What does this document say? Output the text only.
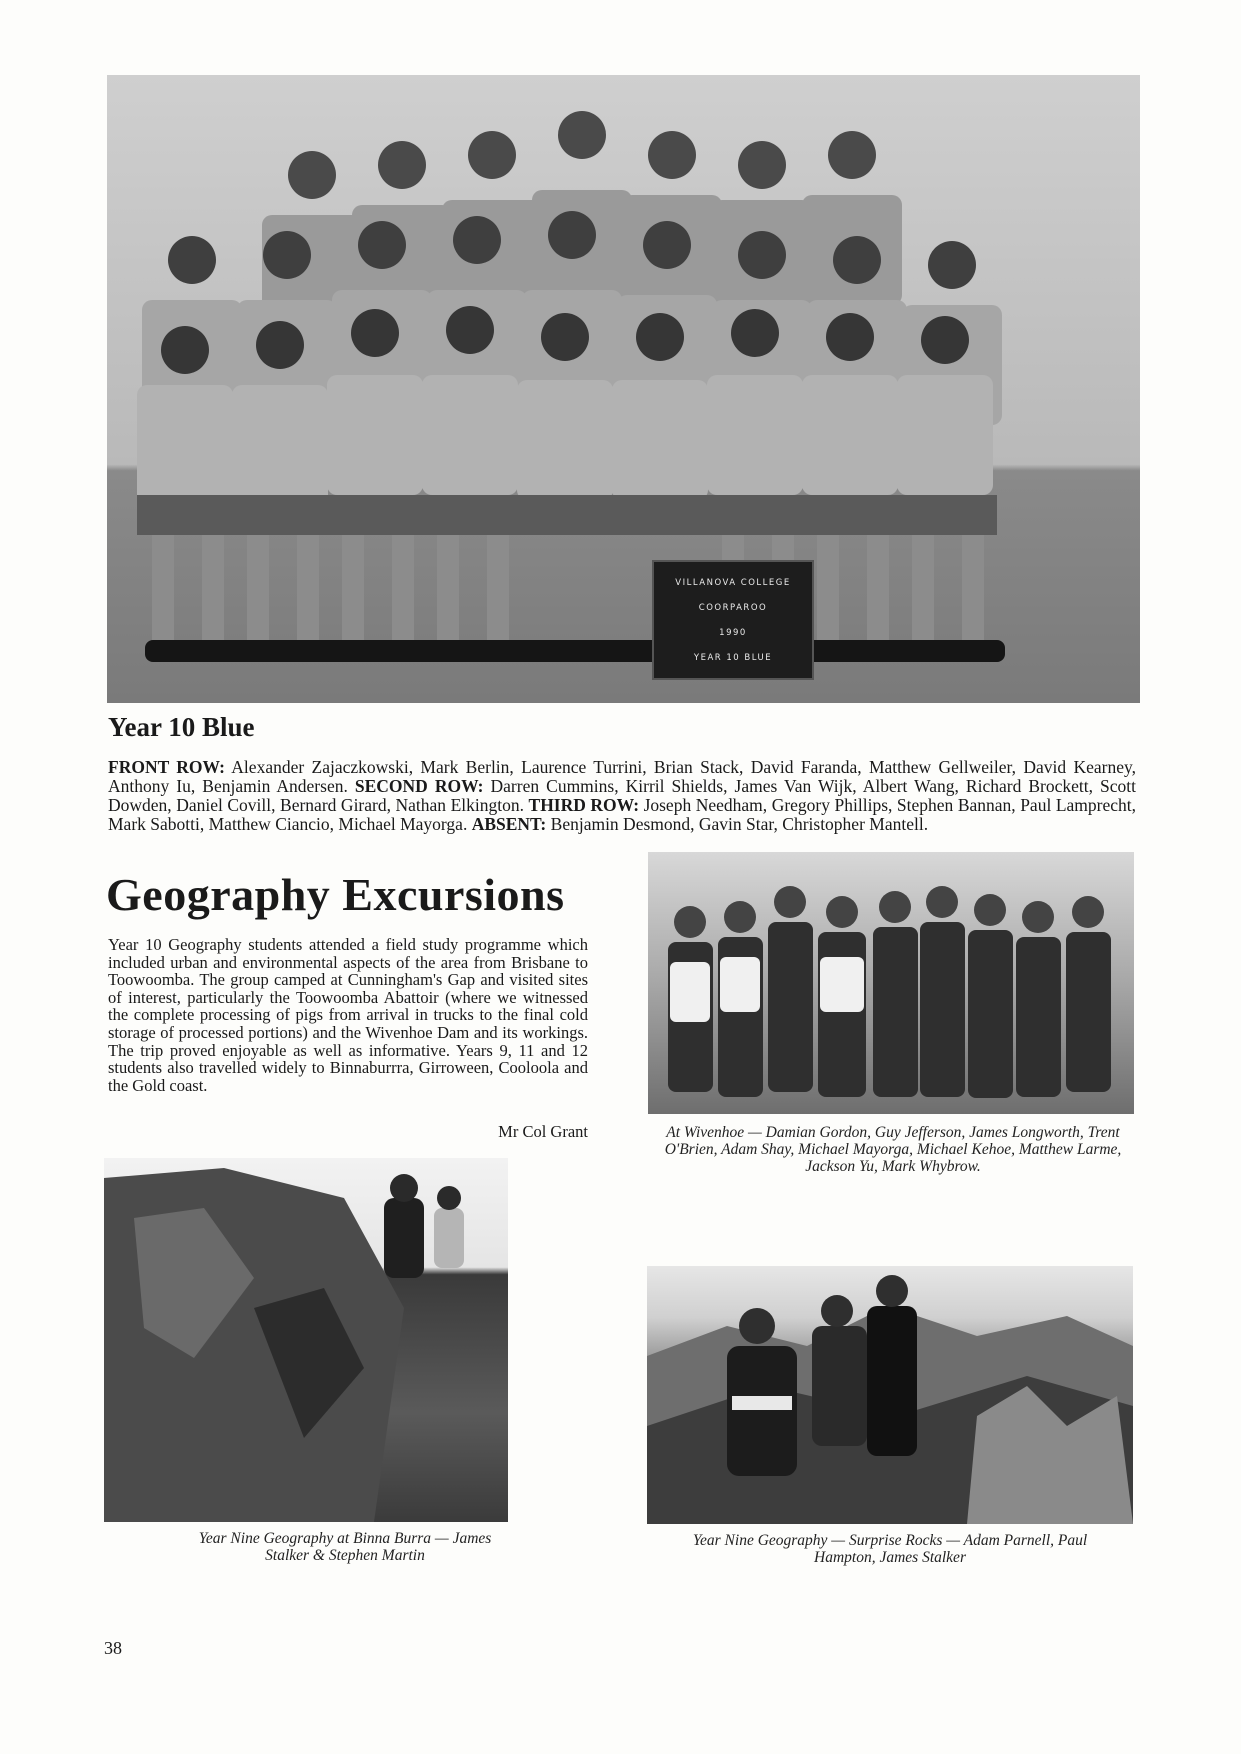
VILLANOVA COLLEGE
COORPAROO
1990
YEAR 10 BLUE
Year 10 Blue

FRONT ROW: Alexander Zajaczkowski, Mark Berlin, Laurence Turrini, Brian Stack, David Faranda, Matthew Gellweiler, David Kearney, Anthony Iu, Benjamin Andersen. SECOND ROW: Darren Cummins, Kirril Shields, James Van Wijk, Albert Wang, Richard Brockett, Scott Dowden, Daniel Covill, Bernard Girard, Nathan Elkington. THIRD ROW: Joseph Needham, Gregory Phillips, Stephen Bannan, Paul Lamprecht, Mark Sabotti, Matthew Ciancio, Michael Mayorga. ABSENT: Benjamin Desmond, Gavin Star, Christopher Mantell.

Geography Excursions

Year 10 Geography students attended a field study programme which included urban and environmental aspects of the area from Brisbane to Toowoomba. The group camped at Cunningham's Gap and visited sites of interest, particularly the Toowoomba Abattoir (where we witnessed the complete processing of pigs from arrival in trucks to the final cold storage of processed portions) and the Wivenhoe Dam and its workings. The trip proved enjoyable as well as informative. Years 9, 11 and 12 students also travelled widely to Binnaburrra, Girroween, Cooloola and the Gold coast.

Mr Col Grant	At Wivenhoe — Damian Gordon, Guy Jefferson, James Longworth, Trent O'Brien, Adam Shay, Michael Mayorga, Michael Kehoe, Matthew Larme, Jackson Yu, Mark Whybrow.
Year Nine Geography at Binna Burra — James Stalker & Stephen Martin
Year Nine Geography — Surprise Rocks — Adam Parnell, Paul Hampton, James Stalker
38
